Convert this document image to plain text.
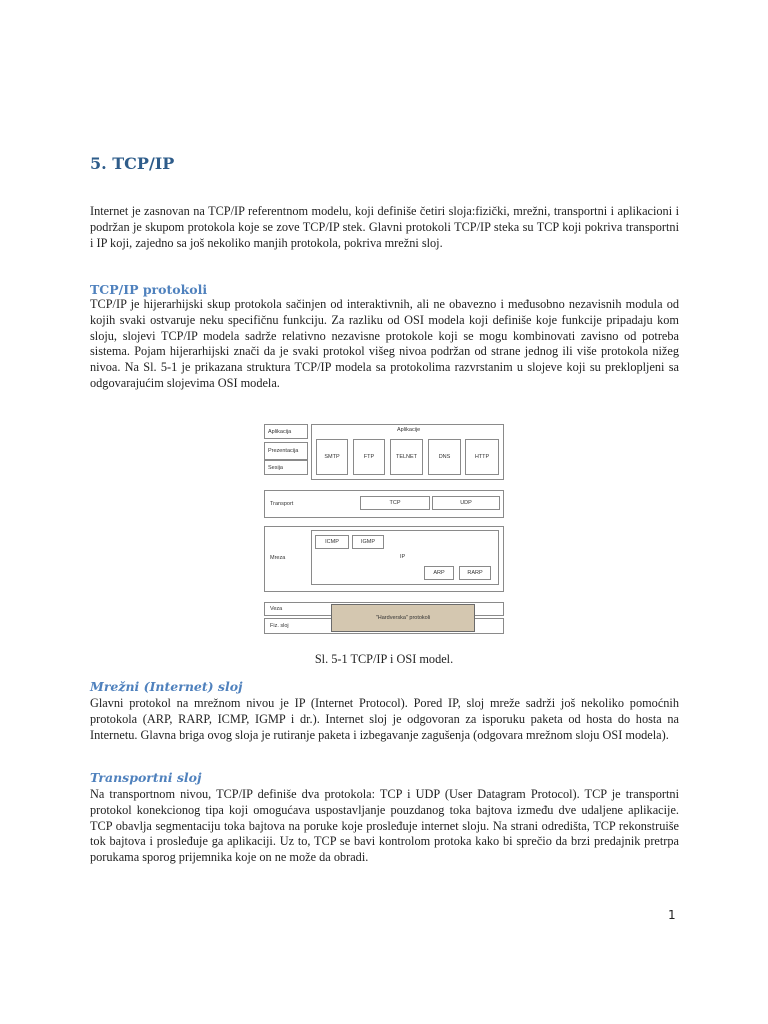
5. TCP/IP

Internet je zasnovan na TCP/IP referentnom modelu, koji definiše četiri sloja:fizički, mrežni, transportni i aplikacioni i podržan je skupom protokola koje se zove TCP/IP stek. Glavni protokoli TCP/IP steka su TCP koji pokriva transportni i IP koji, zajedno sa još nekoliko manjih protokola, pokriva mrežni sloj.

TCP/IP protokoli

TCP/IP je hijerarhijski skup protokola sačinjen od interaktivnih, ali ne obavezno i međusobno nezavisnih modula od kojih svaki ostvaruje neku specifičnu funkciju. Za razliku od OSI modela koji definiše koje funkcije pripadaju kom sloju, slojevi TCP/IP modela sadrže relativno nezavisne protokole koji se mogu kombinovati zavisno od potreba sistema. Pojam hijerarhijski znači da je svaki protokol višeg nivoa podržan od strane jednog ili više protokola nižeg nivoa. Na Sl. 5-1 je prikazana struktura TCP/IP modela sa protokolima razvrstanim u slojeve koji su preklopljeni sa odgovarajućim slojevima OSI modela.

Aplikacija
Prezentacija
Sesija
Aplikacije
SMTP	FTP	TELNET	DNS	HTTP
Transport	TCP	UDP
Mreza	IP
ICMP	IGMP
ARP	RARP
Veza
Fiz. sloj
"Hardverska" protokoli
Sl. 5-1 TCP/IP i OSI model.
Mrežni (Internet) sloj

Glavni protokol na mrežnom nivou je IP (Internet Protocol). Pored IP, sloj mreže sadrži još nekoliko pomoćnih protokola (ARP, RARP, ICMP, IGMP i dr.). Internet sloj je odgovoran za isporuku paketa od hosta do hosta na Internetu. Glavna briga ovog sloja je rutiranje paketa i izbegavanje zagušenja (odgovara mrežnom sloju OSI modela).

Transportni sloj

Na transportnom nivou, TCP/IP definiše dva protokola: TCP i UDP (User Datagram Protocol). TCP je transportni protokol konekcionog tipa koji omogućava uspostavljanje pouzdanog toka bajtova između dve udaljene aplikacije. TCP obavlja segmentaciju toka bajtova na poruke koje prosleđuje internet sloju. Na strani odredišta, TCP rekonstruiše tok bajtova i prosleđuje ga aplikaciji. Uz to, TCP se bavi kontrolom protoka kako bi sprečio da brzi predajnik pretrpa porukama sporog prijemnika koje on ne može da obradi.

1
